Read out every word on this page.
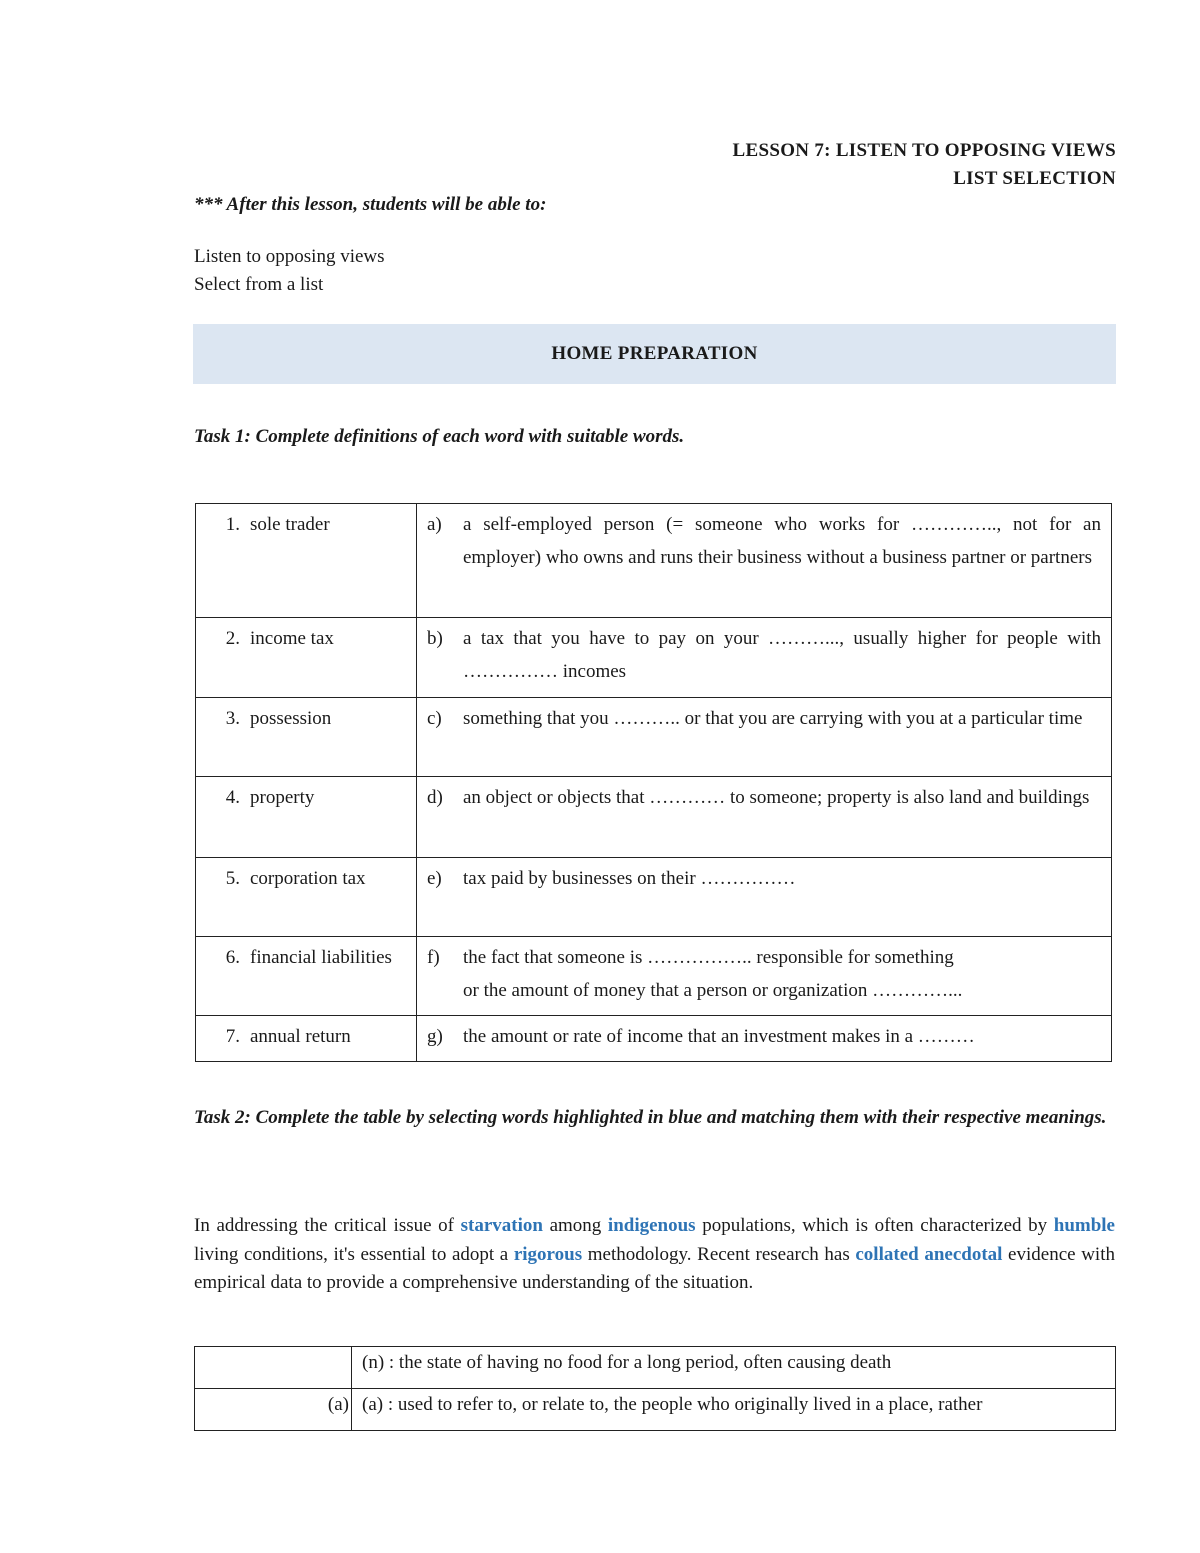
LESSON 7: LISTEN TO OPPOSING VIEWS
LIST SELECTION
*** After this lesson, students will be able to:
Listen to opposing views
Select from a list
HOME PREPARATION
Task 1: Complete definitions of each word with suitable words.
1. sole trader	a) a self-employed person (= someone who works for ………….., not for an employer) who owns and runs their business without a business partner or partners

2. income tax	b) a tax that you have to pay on your ………..., usually higher for people with …………… incomes

3. possession	c) something that you ……….. or that you are carrying with you at a particular time

4. property	d) an object or objects that ………… to someone; property is also land and buildings

5. corporation tax	e) tax paid by businesses on their ……………

6. financial liabilities	f) the fact that someone is …………….. responsible for something
or the amount of money that a person or organization …………...

7. annual return	g) the amount or rate of income that an investment makes in a ………
Task 2: Complete the table by selecting words highlighted in blue and matching them with their respective meanings.
In addressing the critical issue of starvation among indigenous populations, which is often characterized by humble living conditions, it's essential to adopt a rigorous methodology. Recent research has collated anecdotal evidence with empirical data to provide a comprehensive understanding of the situation.
	(n) : the state of having no food for a long period, often causing death
(a)	(a) : used to refer to, or relate to, the people who originally lived in a place, rather
